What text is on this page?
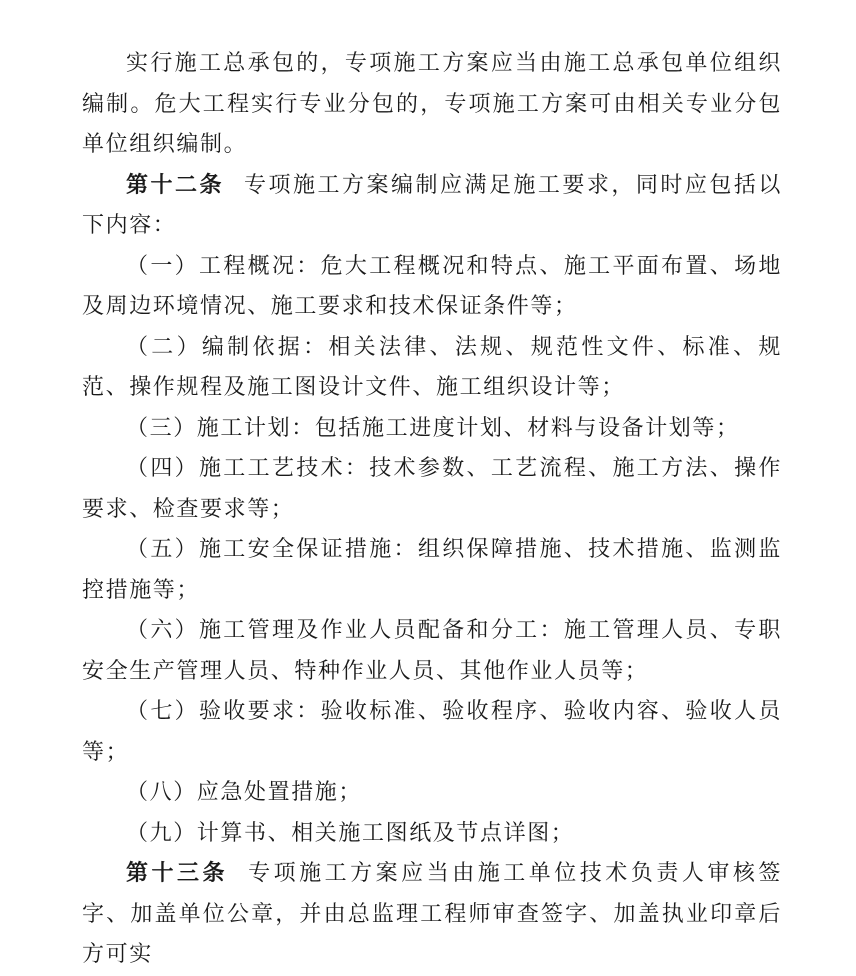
实行施工总承包的，专项施工方案应当由施工总承包单位组织编制。危大工程实行专业分包的，专项施工方案可由相关专业分包单位组织编制。

第十二条 专项施工方案编制应满足施工要求，同时应包括以下内容：

（一）工程概况：危大工程概况和特点、施工平面布置、场地及周边环境情况、施工要求和技术保证条件等；

（二）编制依据：相关法律、法规、规范性文件、标准、规范、操作规程及施工图设计文件、施工组织设计等；

（三）施工计划：包括施工进度计划、材料与设备计划等；

（四）施工工艺技术：技术参数、工艺流程、施工方法、操作要求、检查要求等；

（五）施工安全保证措施：组织保障措施、技术措施、监测监控措施等；

（六）施工管理及作业人员配备和分工：施工管理人员、专职安全生产管理人员、特种作业人员、其他作业人员等；

（七）验收要求：验收标准、验收程序、验收内容、验收人员等；

（八）应急处置措施；

（九）计算书、相关施工图纸及节点详图；

第十三条 专项施工方案应当由施工单位技术负责人审核签字、加盖单位公章，并由总监理工程师审查签字、加盖执业印章后方可实
